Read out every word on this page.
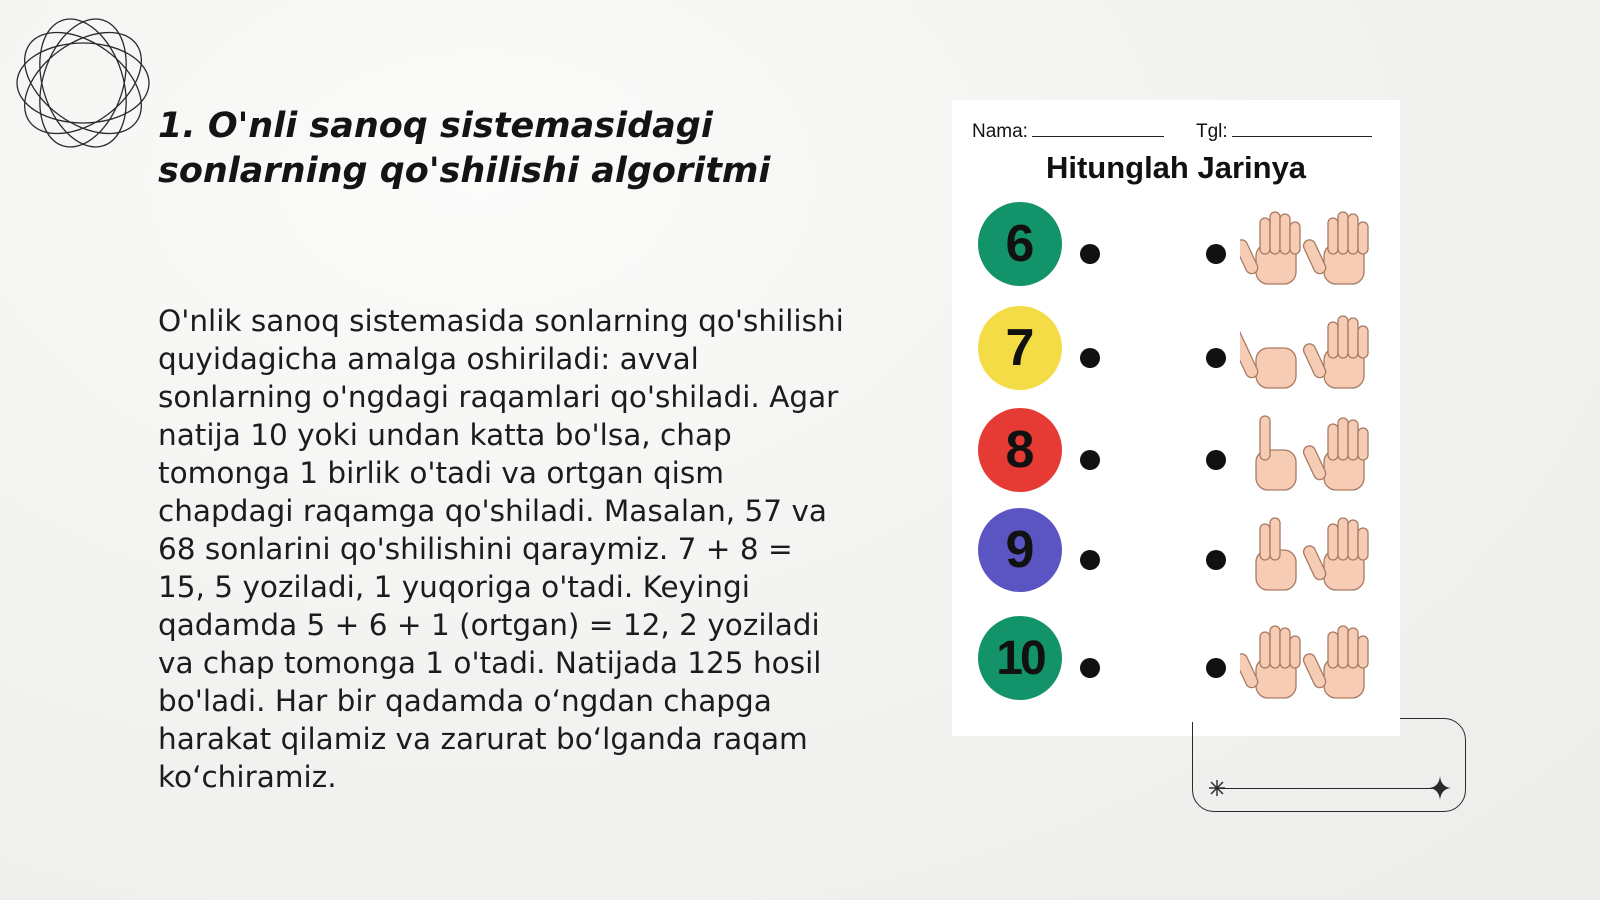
1. O'nli sanoq sistemasidagi sonlarning qo'shilishi algoritmi

O'nlik sanoq sistemasida sonlarning qo'shilishi quyidagicha amalga oshiriladi: avval sonlarning o'ngdagi raqamlari qo'shiladi. Agar natija 10 yoki undan katta bo'lsa, chap tomonga 1 birlik o'tadi va ortgan qism chapdagi raqamga qo'shiladi. Masalan, 57 va 68 sonlarini qo'shilishini qaraymiz. 7 + 8 = 15, 5 yoziladi, 1 yuqoriga o'tadi. Keyingi qadamda 5 + 6 + 1 (ortgan) = 12, 2 yoziladi va chap tomonga 1 o'tadi. Natijada 125 hosil bo'ladi. Har bir qadamda o‘ngdan chapga harakat qilamiz va zarurat bo‘lganda raqam ko‘chiramiz.

Nama:	Tgl:
Hitunglah Jarinya
6
7
8
9
10
